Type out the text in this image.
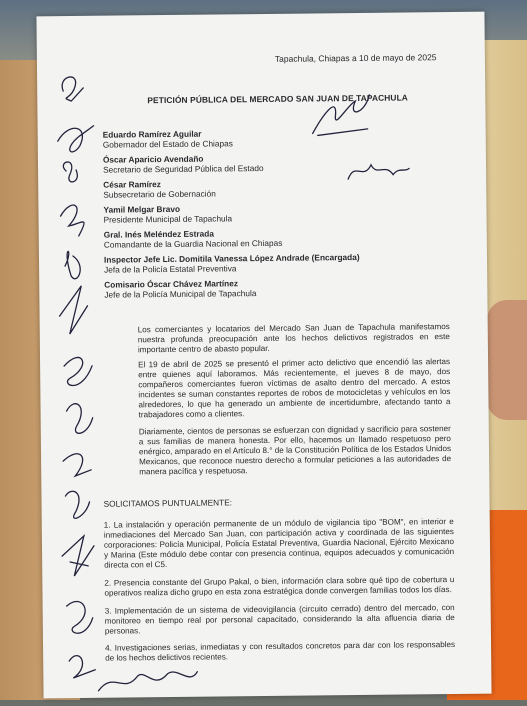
Tapachula, Chiapas a 10 de mayo de 2025
PETICIÓN PÚBLICA DEL MERCADO SAN JUAN DE TAPACHULA
Eduardo Ramírez Aguilar
Gobernador del Estado de Chiapas
Óscar Aparicio Avendaño
Secretario de Seguridad Pública del Estado
César Ramírez
Subsecretario de Gobernación
Yamil Melgar Bravo
Presidente Municipal de Tapachula
Gral. Inés Meléndez Estrada
Comandante de la Guardia Nacional en Chiapas
Inspector Jefe Lic. Domitila Vanessa López Andrade (Encargada)
Jefa de la Policía Estatal Preventiva
Comisario Óscar Chávez Martínez
Jefe de la Policía Municipal de Tapachula
Los comerciantes y locatarios del Mercado San Juan de Tapachula manifestamos nuestra profunda preocupación ante los hechos delictivos registrados en este importante centro de abasto popular.
El 19 de abril de 2025 se presentó el primer acto delictivo que encendió las alertas entre quienes aquí laboramos. Más recientemente, el jueves 8 de mayo, dos compañeros comerciantes fueron víctimas de asalto dentro del mercado. A estos incidentes se suman constantes reportes de robos de motocicletas y vehículos en los alrededores, lo que ha generado un ambiente de incertidumbre, afectando tanto a trabajadores como a clientes.
Diariamente, cientos de personas se esfuerzan con dignidad y sacrificio para sostener a sus familias de manera honesta. Por ello, hacemos un llamado respetuoso pero enérgico, amparado en el Artículo 8.° de la Constitución Política de los Estados Unidos Mexicanos, que reconoce nuestro derecho a formular peticiones a las autoridades de manera pacífica y respetuosa.
SOLICITAMOS PUNTUALMENTE:
1. La instalación y operación permanente de un módulo de vigilancia tipo "BOM", en interior e inmediaciones del Mercado San Juan, con participación activa y coordinada de las siguientes corporaciones: Policía Municipal, Policía Estatal Preventiva, Guardia Nacional, Ejército Mexicano y Marina (Este módulo debe contar con presencia continua, equipos adecuados y comunicación directa con el C5.
2. Presencia constante del Grupo Pakal, o bien, información clara sobre qué tipo de cobertura u operativos realiza dicho grupo en esta zona estratégica donde convergen familias todos los días.
3. Implementación de un sistema de videovigilancia (circuito cerrado) dentro del mercado, con monitoreo en tiempo real por personal capacitado, considerando la alta afluencia diaria de personas.
4. Investigaciones serias, inmediatas y con resultados concretos para dar con los responsables de los hechos delictivos recientes.
